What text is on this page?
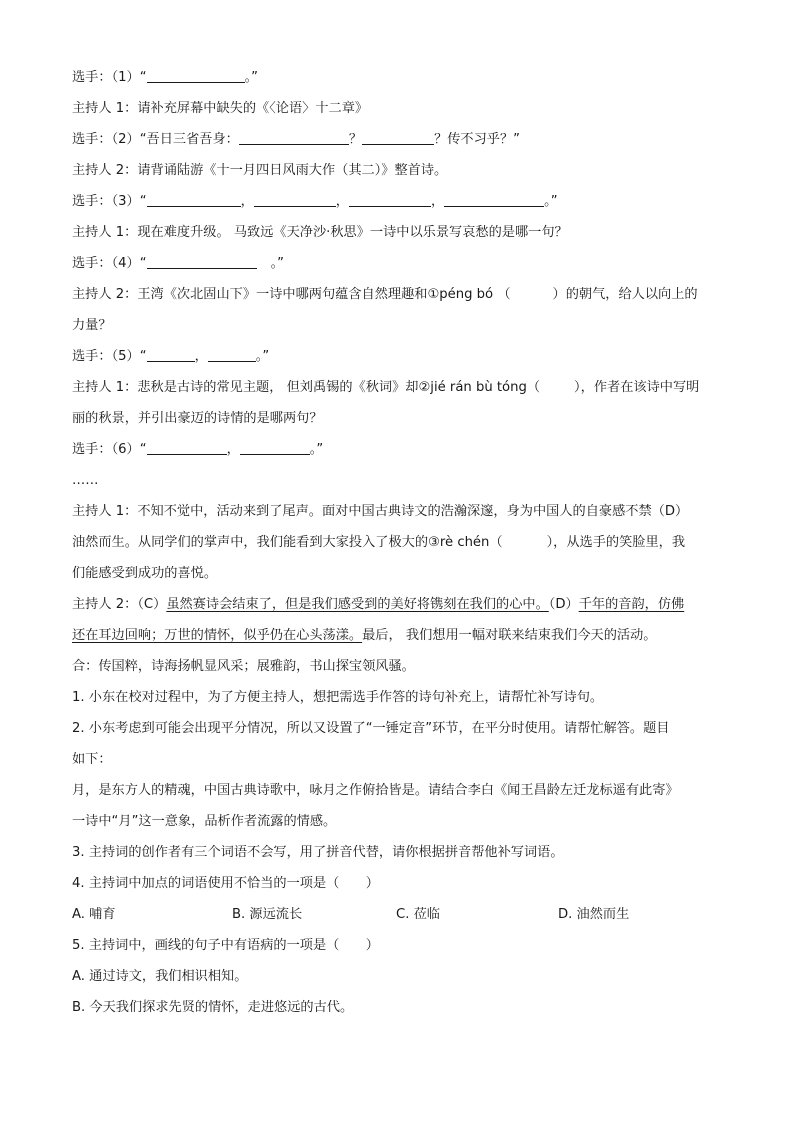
选手：（1）“	。”
主持人 1：请补充屏幕中缺失的《〈论语〉十二章》
选手：（2）“吾日三省吾身：	？	？传不习乎？”
主持人 2：请背诵陆游《十一月四日风雨大作（其二）》整首诗。
选手：（3）“	，	，	，	。”
主持人 1：现在难度升级。 马致远《天净沙·秋思》一诗中以乐景写哀愁的是哪一句？
选手：（4）“	。”
主持人 2：王湾《次北固山下》一诗中哪两句蕴含自然理趣和①péng bó （	）的朝气，给人以向上的
力量？
选手：（5）“	，	。”
主持人 1：悲秋是古诗的常见主题， 但刘禹锡的《秋词》却②jié rán bù tóng（	），作者在该诗中写明
丽的秋景，并引出豪迈的诗情的是哪两句？
选手：（6）“	，	。”
……
主持人 1：不知不觉中，活动来到了尾声。面对中国古典诗文的浩瀚深邃，身为中国人的自豪感不禁（D）
油然而生。从同学们的掌声中，我们能看到大家投入了极大的③rè chén（	），从选手的笑脸里，我
们能感受到成功的喜悦。
主持人 2：（C）虽然赛诗会结束了，但是我们感受到的美好将镌刻在我们的心中。（D）千年的音韵，仿佛
还在耳边回响；万世的情怀，似乎仍在心头荡漾。最后， 我们想用一幅对联来结束我们今天的活动。
合：传国粹，诗海扬帆显风采；展雅韵，书山探宝领风骚。
1. 小东在校对过程中，为了方便主持人，想把需选手作答的诗句补充上，请帮忙补写诗句。
2. 小东考虑到可能会出现平分情况，所以又设置了“一锤定音”环节，在平分时使用。请帮忙解答。题目
如下：
月，是东方人的精魂，中国古典诗歌中，咏月之作俯拾皆是。请结合李白《闻王昌龄左迁龙标遥有此寄》
一诗中“月”这一意象，品析作者流露的情感。
3. 主持词的创作者有三个词语不会写，用了拼音代替，请你根据拼音帮他补写词语。
4. 主持词中加点的词语使用不恰当的一项是（　　）
A. 哺育	B. 源远流长	C. 莅临	D. 油然而生
5. 主持词中，画线的句子中有语病的一项是（　　）
A. 通过诗文，我们相识相知。
B. 今天我们探求先贤的情怀，走进悠远的古代。
